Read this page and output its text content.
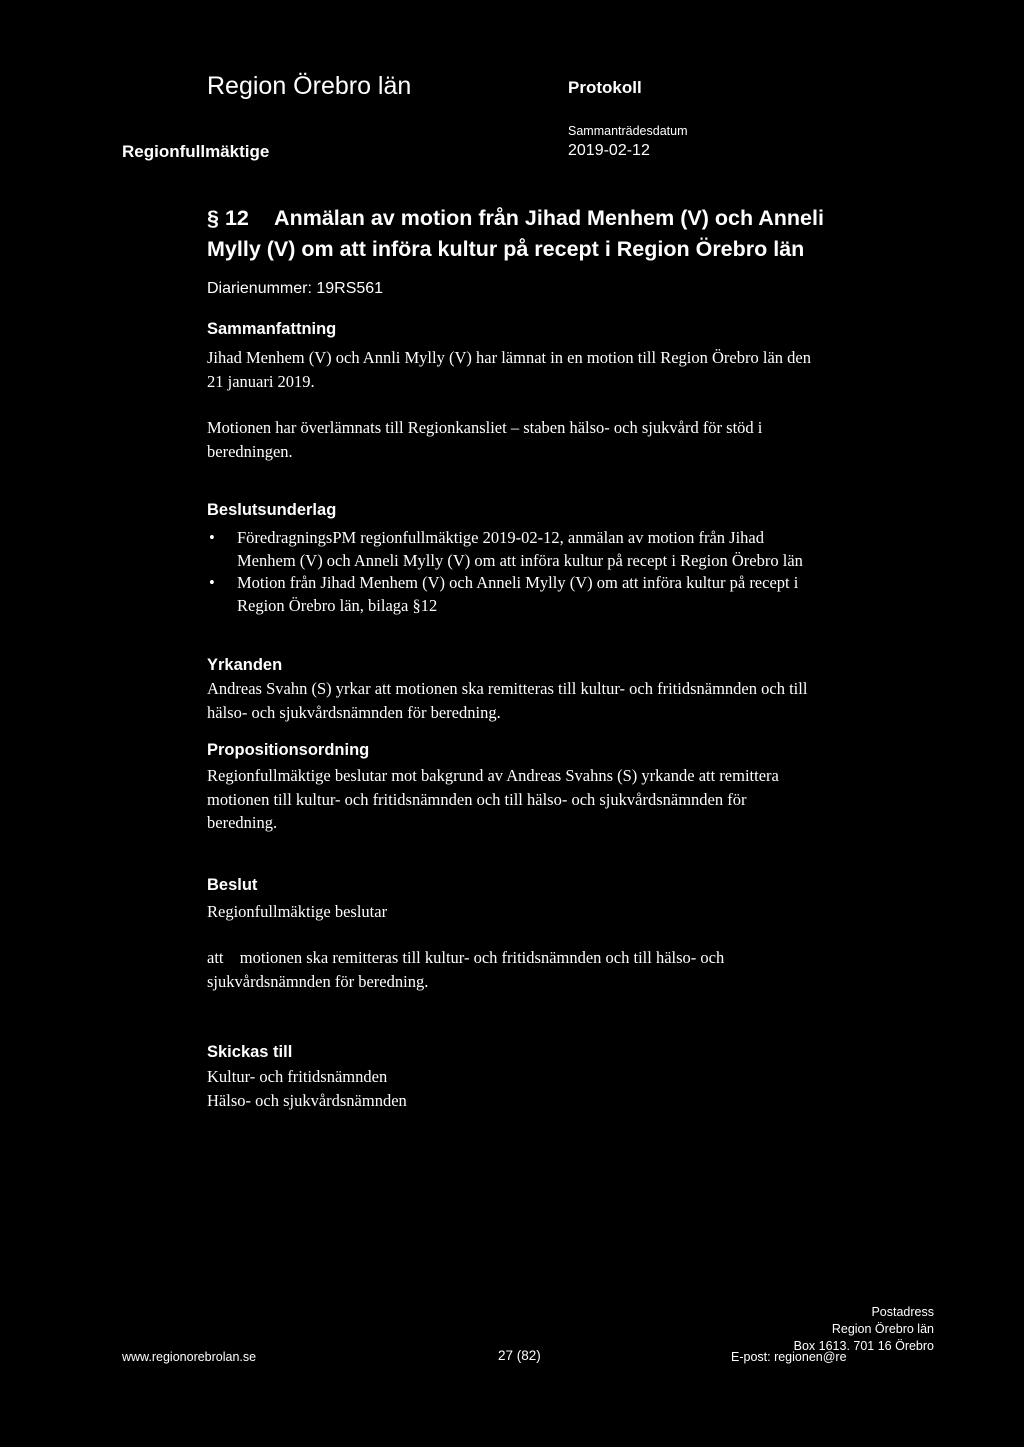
Region Örebro län	Protokoll
Sammanträdesdatum
Regionfullmäktige	2019-02-12
§ 12 Anmälan av motion från Jihad Menhem (V) och Anneli
Mylly (V) om att införa kultur på recept i Region Örebro län
Diarienummer: 19RS561
Sammanfattning
Jihad Menhem (V) och Annli Mylly (V) har lämnat in en motion till Region Örebro län den
21 januari 2019.
Motionen har överlämnats till Regionkansliet – staben hälso- och sjukvård för stöd i
beredningen.
Beslutsunderlag
• FöredragningsPM regionfullmäktige 2019-02-12, anmälan av motion från Jihad
Menhem (V) och Anneli Mylly (V) om att införa kultur på recept i Region Örebro län
• Motion från Jihad Menhem (V) och Anneli Mylly (V) om att införa kultur på recept i
Region Örebro län, bilaga §12
Yrkanden
Andreas Svahn (S) yrkar att motionen ska remitteras till kultur- och fritidsnämnden och till
hälso- och sjukvårdsnämnden för beredning.
Propositionsordning
Regionfullmäktige beslutar mot bakgrund av Andreas Svahns (S) yrkande att remittera
motionen till kultur- och fritidsnämnden och till hälso- och sjukvårdsnämnden för
beredning.
Beslut
Regionfullmäktige beslutar
att motionen ska remitteras till kultur- och fritidsnämnden och till hälso- och
sjukvårdsnämnden för beredning.
Skickas till
Kultur- och fritidsnämnden
Hälso- och sjukvårdsnämnden
Postadress
Region Örebro län
Box 1613. 701 16 Örebro
www.regionorebrolan.se	27 (82)	E-post: regionen@re
